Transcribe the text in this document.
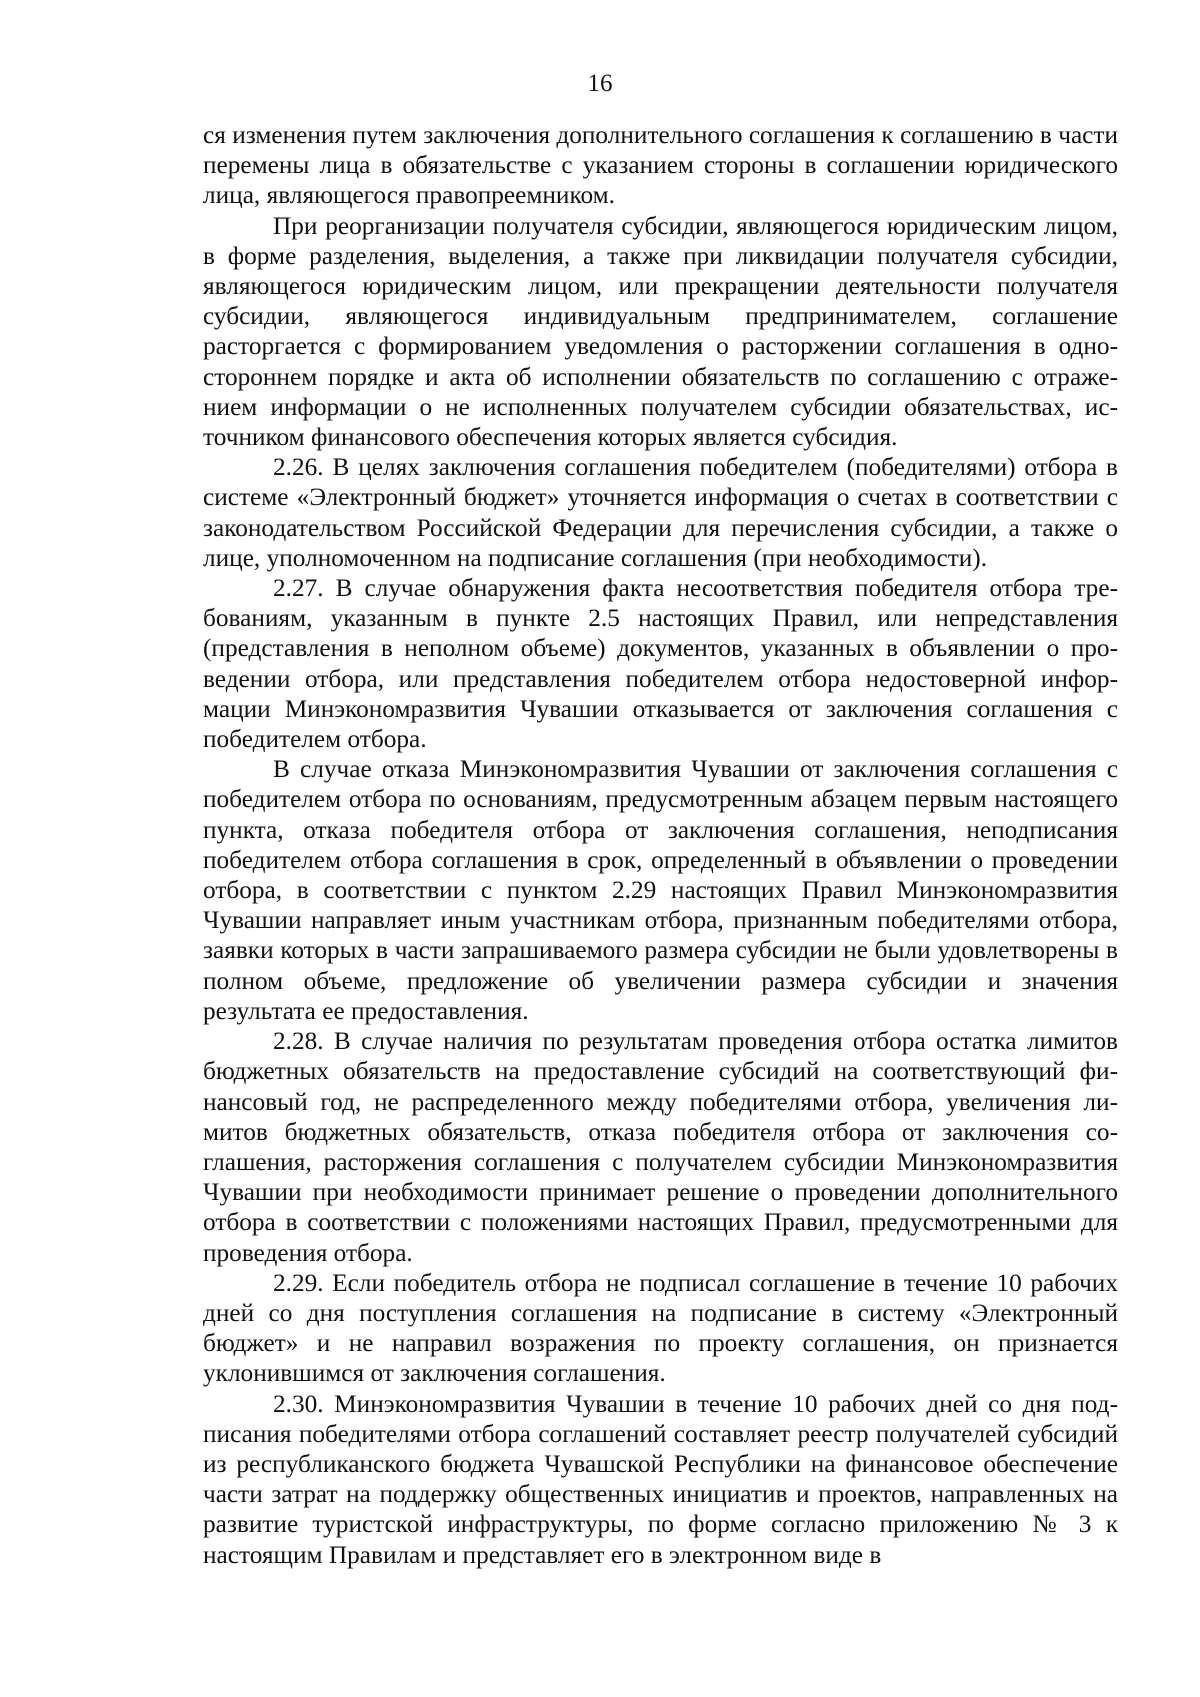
16

ся изменения путем заключения дополнительного соглашения к соглашению в части перемены лица в обязательстве с указанием стороны в соглашении юридического лица, являющегося правопреемником.

При реорганизации получателя субсидии, являющегося юридическим лицом, в форме разделения, выделения, а также при ликвидации получателя субсидии, являющегося юридическим лицом, или прекращении деятельности получателя субсидии, являющегося индивидуальным предпринимателем, соглашение расторгается с формированием уведомления о расторжении соглашения в одностороннем порядке и акта об исполнении обязательств по соглашению с отражением информации о не исполненных получателем субсидии обязательствах, источником финансового обеспечения которых является субсидия.

2.26. В целях заключения соглашения победителем (победителями) отбора в системе «Электронный бюджет» уточняется информация о счетах в соответствии с законодательством Российской Федерации для перечисления субсидии, а также о лице, уполномоченном на подписание соглашения (при необходимости).

2.27. В случае обнаружения факта несоответствия победителя отбора требованиям, указанным в пункте 2.5 настоящих Правил, или непредставления (представления в неполном объеме) документов, указанных в объявлении о проведении отбора, или представления победителем отбора недостоверной информации Минэкономразвития Чувашии отказывается от заключения соглашения с победителем отбора.

В случае отказа Минэкономразвития Чувашии от заключения соглашения с победителем отбора по основаниям, предусмотренным абзацем первым настоящего пункта, отказа победителя отбора от заключения соглашения, неподписания победителем отбора соглашения в срок, определенный в объявлении о проведении отбора, в соответствии с пунктом 2.29 настоящих Правил Минэкономразвития Чувашии направляет иным участникам отбора, признанным победителями отбора, заявки которых в части запрашиваемого размера субсидии не были удовлетворены в полном объеме, предложение об увеличении размера субсидии и значения результата ее предоставления.

2.28. В случае наличия по результатам проведения отбора остатка лимитов бюджетных обязательств на предоставление субсидий на соответствующий финансовый год, не распределенного между победителями отбора, увеличения лимитов бюджетных обязательств, отказа победителя отбора от заключения соглашения, расторжения соглашения с получателем субсидии Минэкономразвития Чувашии при необходимости принимает решение о проведении дополнительного отбора в соответствии с положениями настоящих Правил, предусмотренными для проведения отбора.

2.29. Если победитель отбора не подписал соглашение в течение 10 рабочих дней со дня поступления соглашения на подписание в систему «Электронный бюджет» и не направил возражения по проекту соглашения, он признается уклонившимся от заключения соглашения.

2.30. Минэкономразвития Чувашии в течение 10 рабочих дней со дня подписания победителями отбора соглашений составляет реестр получателей субсидий из республиканского бюджета Чувашской Республики на финансовое обеспечение части затрат на поддержку общественных инициатив и проектов, направленных на развитие туристской инфраструктуры, по форме согласно приложению № 3 к настоящим Правилам и представляет его в электронном виде в
